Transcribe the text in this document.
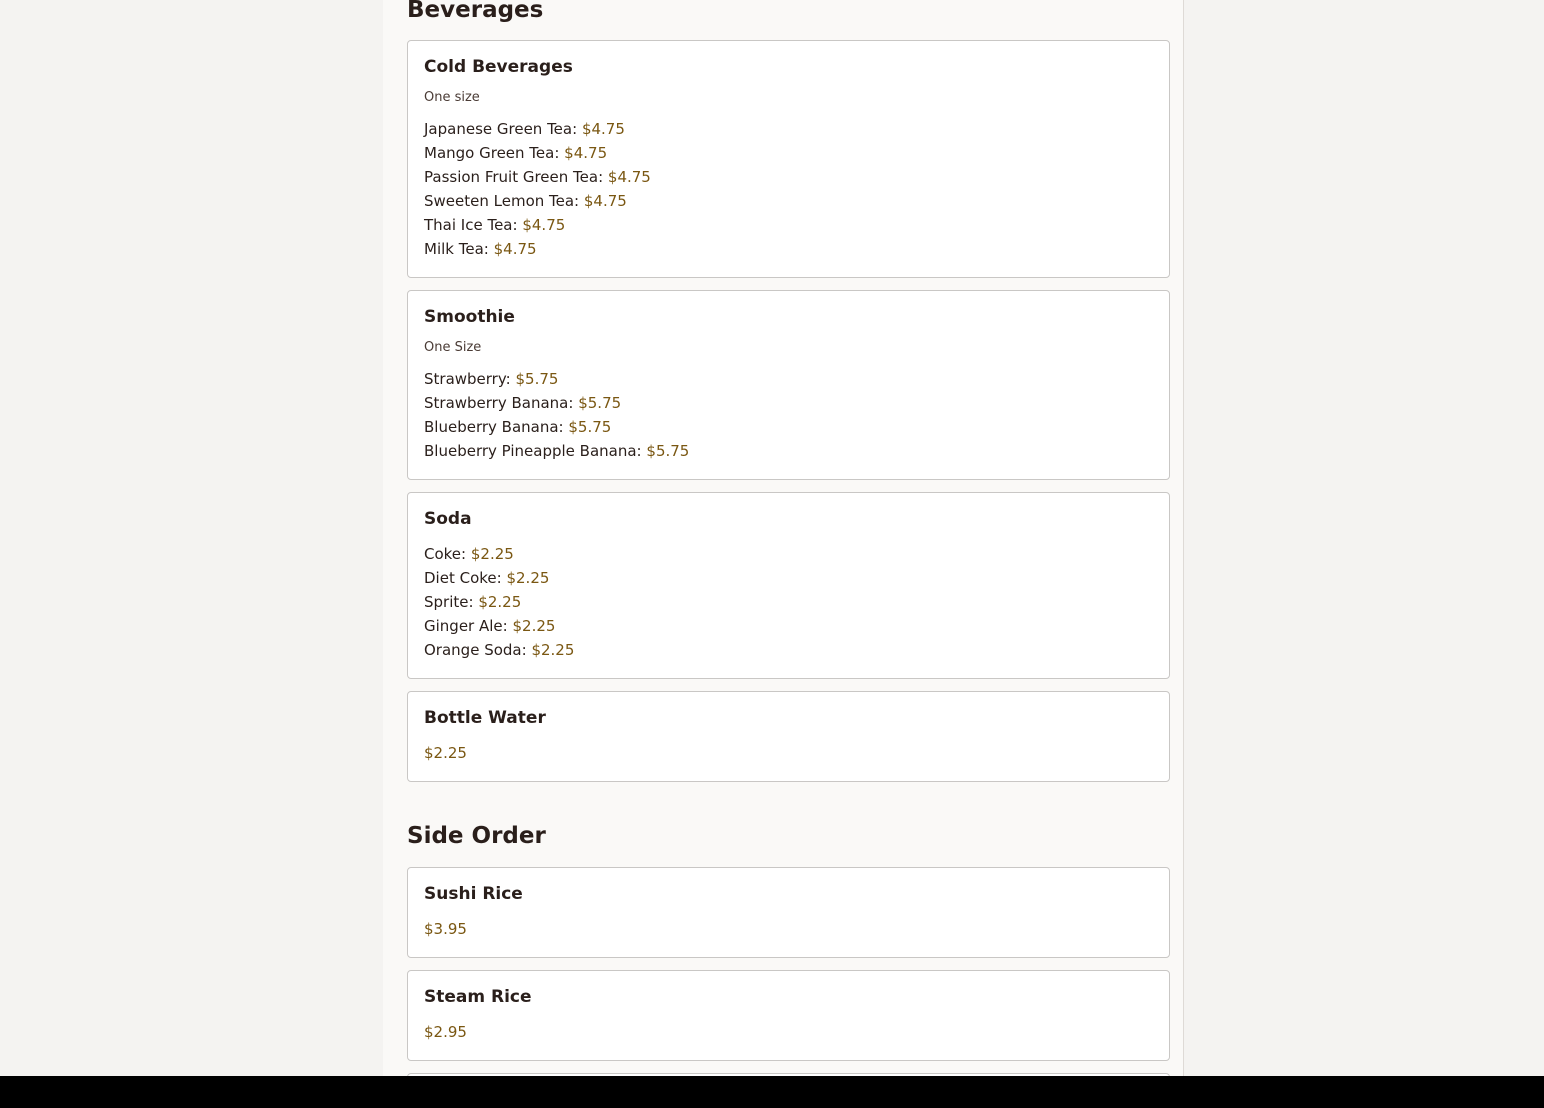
Beverages
Cold Beverages
One size
Japanese Green Tea: $4.75
Mango Green Tea: $4.75
Passion Fruit Green Tea: $4.75
Sweeten Lemon Tea: $4.75
Thai Ice Tea: $4.75
Milk Tea: $4.75
Smoothie
One Size
Strawberry: $5.75
Strawberry Banana: $5.75
Blueberry Banana: $5.75
Blueberry Pineapple Banana: $5.75
Soda
Coke: $2.25
Diet Coke: $2.25
Sprite: $2.25
Ginger Ale: $2.25
Orange Soda: $2.25
Bottle Water
$2.25
Side Order
Sushi Rice
$3.95
Steam Rice
$2.95
